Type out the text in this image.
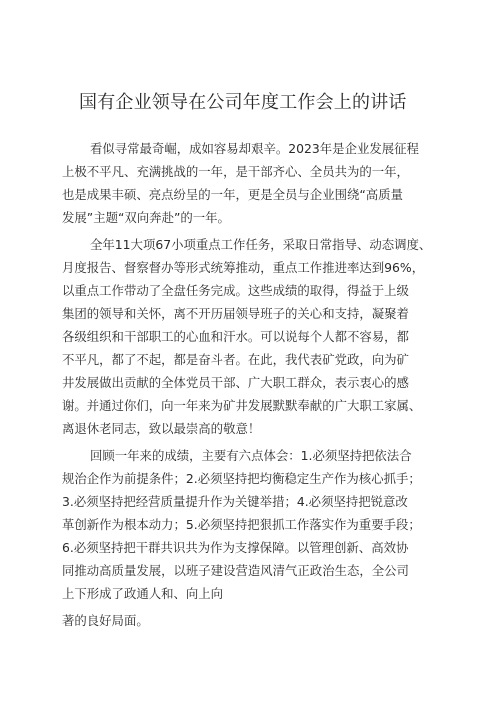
国有企业领导在公司年度工作会上的讲话
看似寻常最奇崛，成如容易却艰辛。2023年是企业发展征程
上极不平凡、充满挑战的一年，是干部齐心、全员共为的一年，
也是成果丰硕、亮点纷呈的一年，更是全员与企业围绕“高质量
发展”主题“双向奔赴”的一年。
全年11大项67小项重点工作任务，采取日常指导、动态调度、
月度报告、督察督办等形式统筹推动，重点工作推进率达到96%，
以重点工作带动了全盘任务完成。这些成绩的取得，得益于上级
集团的领导和关怀，离不开历届领导班子的关心和支持，凝聚着
各级组织和干部职工的心血和汗水。可以说每个人都不容易，都
不平凡，都了不起，都是奋斗者。在此，我代表矿党政，向为矿
井发展做出贡献的全体党员干部、广大职工群众，表示衷心的感
谢。并通过你们，向一年来为矿井发展默默奉献的广大职工家属、
离退休老同志，致以最崇高的敬意！
回顾一年来的成绩，主要有六点体会：1.必须坚持把依法合
规治企作为前提条件；2.必须坚持把均衡稳定生产作为核心抓手；
3.必须坚持把经营质量提升作为关键举措；4.必须坚持把锐意改
革创新作为根本动力；5.必须坚持把狠抓工作落实作为重要手段；
6.必须坚持把干群共识共为作为支撑保障。以管理创新、高效协
同推动高质量发展，以班子建设营造风清气正政治生态，全公司
上下形成了政通人和、向上向
著的良好局面。
